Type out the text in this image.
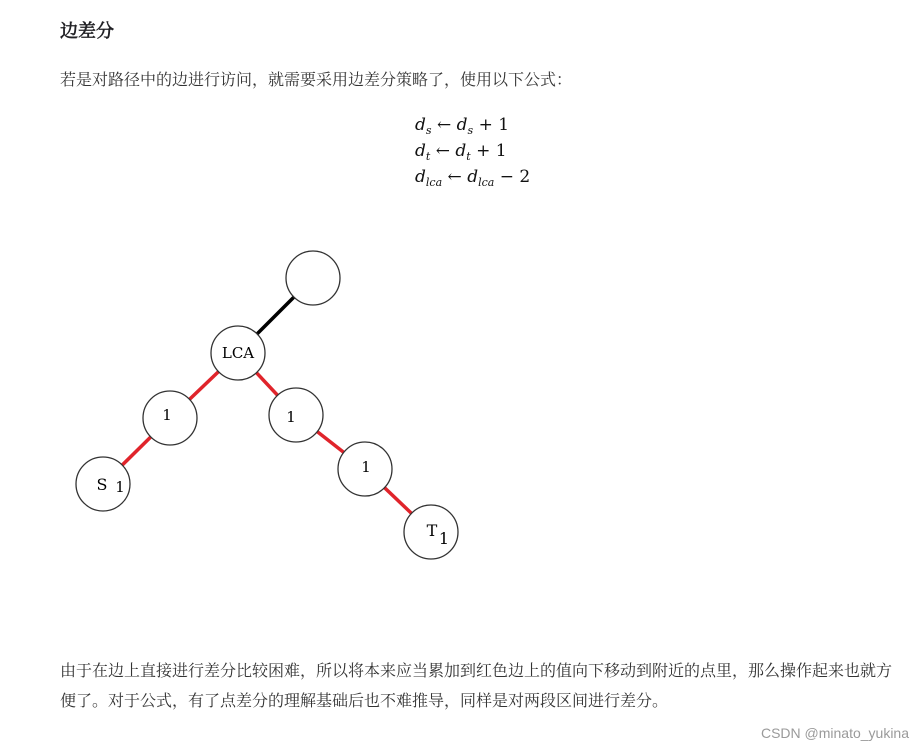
边差分
若是对路径中的边进行访问，就需要采用边差分策略了，使用以下公式：
$d_s$ ← $d_s + 1$
$d_t$ ← $d_t + 1$
$d_{lca}$ ← $d_{lca} - 2$
LCA
1
S 1
1
1
T 1
由于在边上直接进行差分比较困难，所以将本来应当累加到红色边上的值向下移动到附近的点里，那么操作起来也就方便了。对于公式，有了点差分的理解基础后也不难推导，同样是对两段区间进行差分。
CSDN @minato_yukina
